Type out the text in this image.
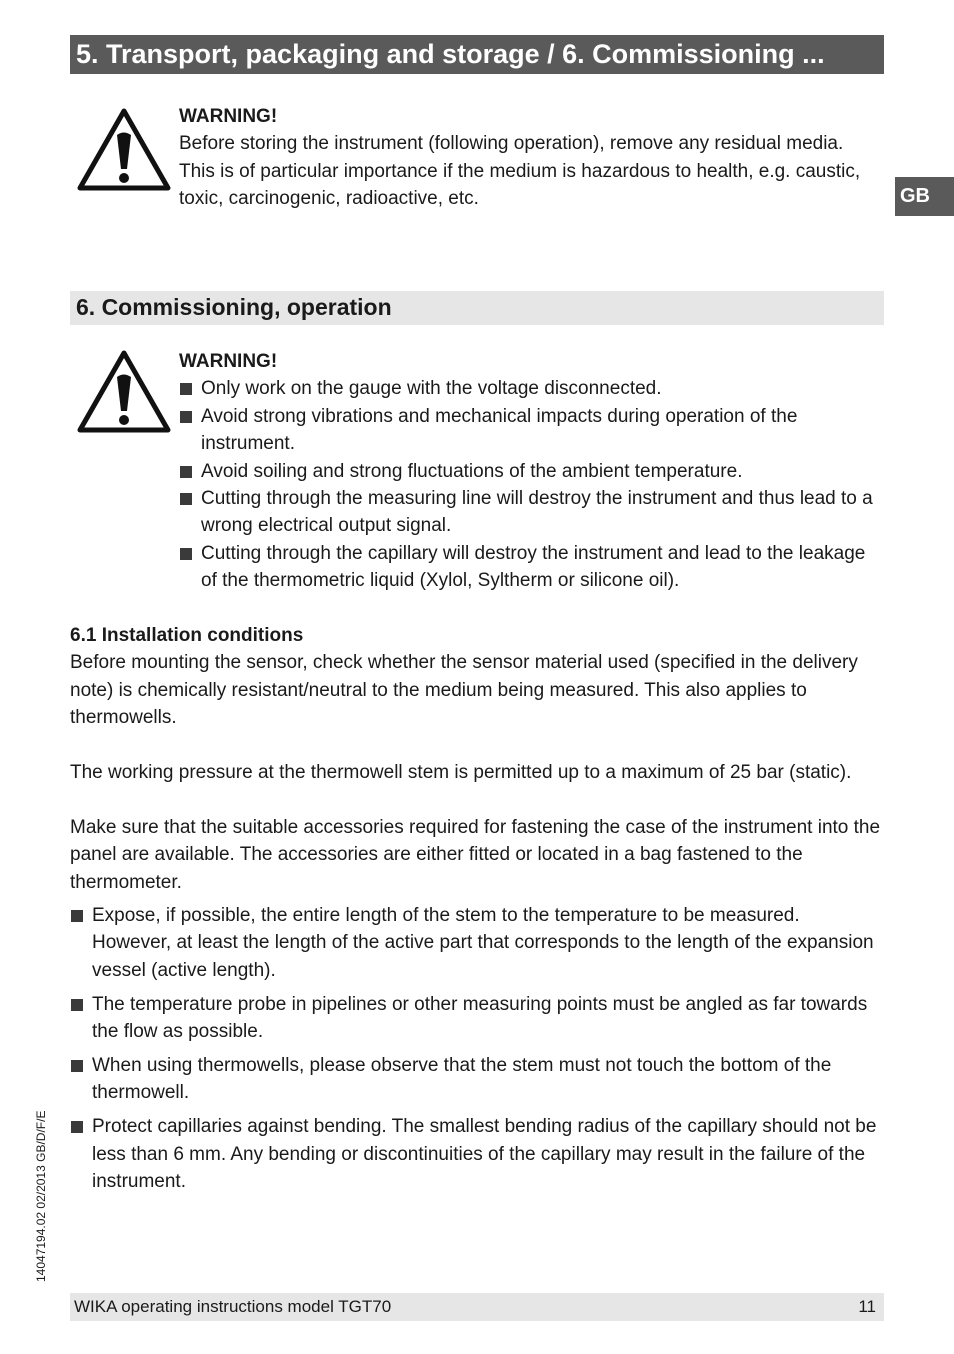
5. Transport, packaging and storage / 6. Commissioning ...
GB
WARNING!
Before storing the instrument (following operation), remove any residual media. This is of particular importance if the medium is hazardous to health, e.g. caustic, toxic, carcinogenic, radioactive, etc.
6. Commissioning, operation
WARNING!
Only work on the gauge with the voltage disconnected.
Avoid strong vibrations and mechanical impacts during operation of the instrument.
Avoid soiling and strong fluctuations of the ambient temperature.
Cutting through the measuring line will destroy the instrument and thus lead to a wrong electrical output signal.
Cutting through the capillary will destroy the instrument and lead to the leakage of the thermometric liquid (Xylol, Syltherm or silicone oil).
6.1 Installation conditions

Before mounting the sensor, check whether the sensor material used (specified in the delivery note) is chemically resistant/neutral to the medium being measured. This also applies to thermowells.

The working pressure at the thermowell stem is permitted up to a maximum of 25 bar (static).

Make sure that the suitable accessories required for fastening the case of the instrument into the panel are available. The accessories are either fitted or located in a bag fastened to the thermometer.

Expose, if possible, the entire length of the stem to the temperature to be measured. However, at least the length of the active part that corresponds to the length of the expansion vessel (active length).
The temperature probe in pipelines or other measuring points must be angled as far towards the flow as possible.
When using thermowells, please observe that the stem must not touch the bottom of the thermowell.
Protect capillaries against bending. The smallest bending radius of the capillary should not be less than 6 mm. Any bending or discontinuities of the capillary may result in the failure of the instrument.
14047194.02 02/2013 GB/D/F/E
WIKA operating instructions model TGT70	11
